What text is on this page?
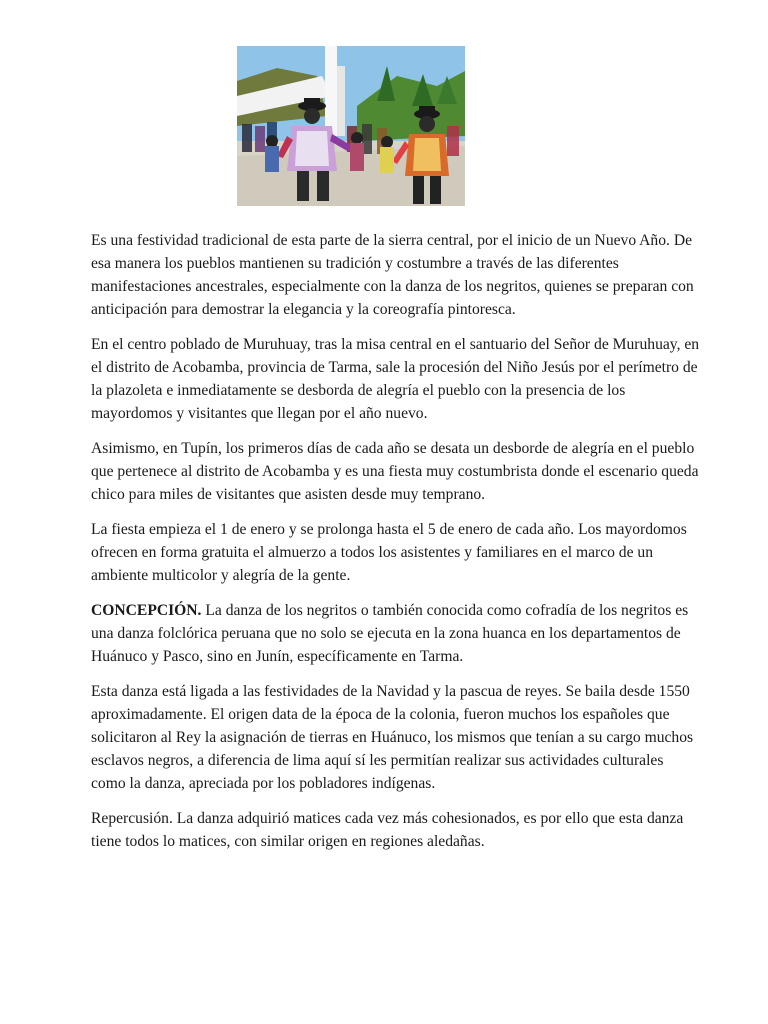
Es una festividad tradicional de esta parte de la sierra central, por el inicio de un Nuevo Año. De esa manera los pueblos mantienen su tradición y costumbre a través de las diferentes manifestaciones ancestrales, especialmente con la danza de los negritos, quienes se preparan con anticipación para demostrar la elegancia y la coreografía pintoresca.

En el centro poblado de Muruhuay, tras la misa central en el santuario del Señor de Muruhuay, en el distrito de Acobamba, provincia de Tarma, sale la procesión del Niño Jesús por el perímetro de la plazoleta e inmediatamente se desborda de alegría el pueblo con la presencia de los mayordomos y visitantes que llegan por el año nuevo.

Asimismo, en Tupín, los primeros días de cada año se desata un desborde de alegría en el pueblo que pertenece al distrito de Acobamba y es una fiesta muy costumbrista donde el escenario queda chico para miles de visitantes que asisten desde muy temprano.

La fiesta empieza el 1 de enero y se prolonga hasta el 5 de enero de cada año. Los mayordomos ofrecen en forma gratuita el almuerzo a todos los asistentes y familiares en el marco de un ambiente multicolor y alegría de la gente.

CONCEPCIÓN. La danza de los negritos o también conocida como cofradía de los negritos es una danza folclórica peruana que no solo se ejecuta en la zona huanca en los departamentos de Huánuco y Pasco, sino en Junín, específicamente en Tarma.

Esta danza está ligada a las festividades de la Navidad y la pascua de reyes. Se baila desde 1550 aproximadamente. El origen data de la época de la colonia, fueron muchos los españoles que solicitaron al Rey la asignación de tierras en Huánuco, los mismos que tenían a su cargo muchos esclavos negros, a diferencia de lima aquí sí les permitían realizar sus actividades culturales como la danza, apreciada por los pobladores indígenas.

Repercusión. La danza adquirió matices cada vez más cohesionados, es por ello que esta danza tiene todos lo matices, con similar origen en regiones aledañas.
